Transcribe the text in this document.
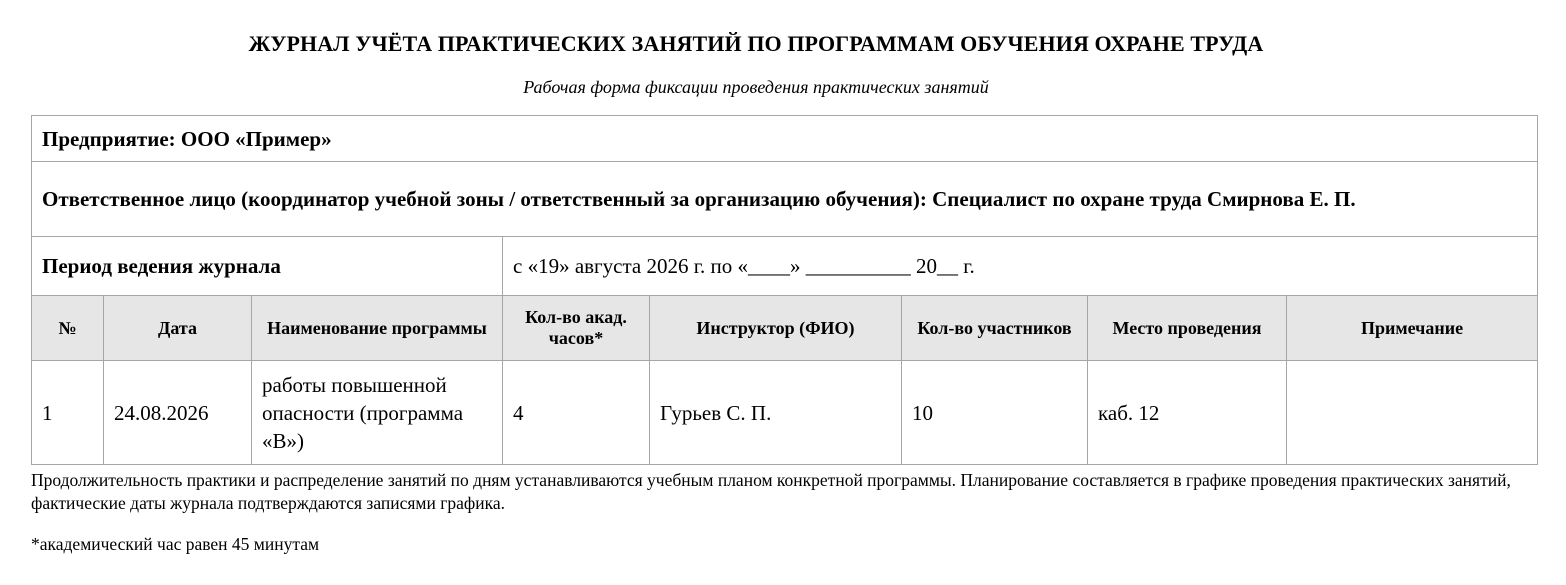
ЖУРНАЛ УЧЁТА ПРАКТИЧЕСКИХ ЗАНЯТИЙ ПО ПРОГРАММАМ ОБУЧЕНИЯ ОХРАНЕ ТРУДА
Рабочая форма фиксации проведения практических занятий
Предприятие: ООО «Пример»							
Ответственное лицо (координатор учебной зоны / ответственный за организацию обучения): Специалист по охране труда Смирнова Е. П.							
Период ведения журнала			с «19» августа 2026 г. по «____» __________ 20__ г.				
№	Дата	Наименование программы	Кол-во акад. часов*	Инструктор (ФИО)	Кол-во участников	Место проведения	Примечание
1	24.08.2026	работы повышенной опасности (программа «В»)	4	Гурьев С. П.	10	каб. 12	
Продолжительность практики и распределение занятий по дням устанавливаются учебным планом конкретной программы. Планирование составляется в графике проведения практических занятий, фактические даты журнала подтверждаются записями графика.
*академический час равен 45 минутам
